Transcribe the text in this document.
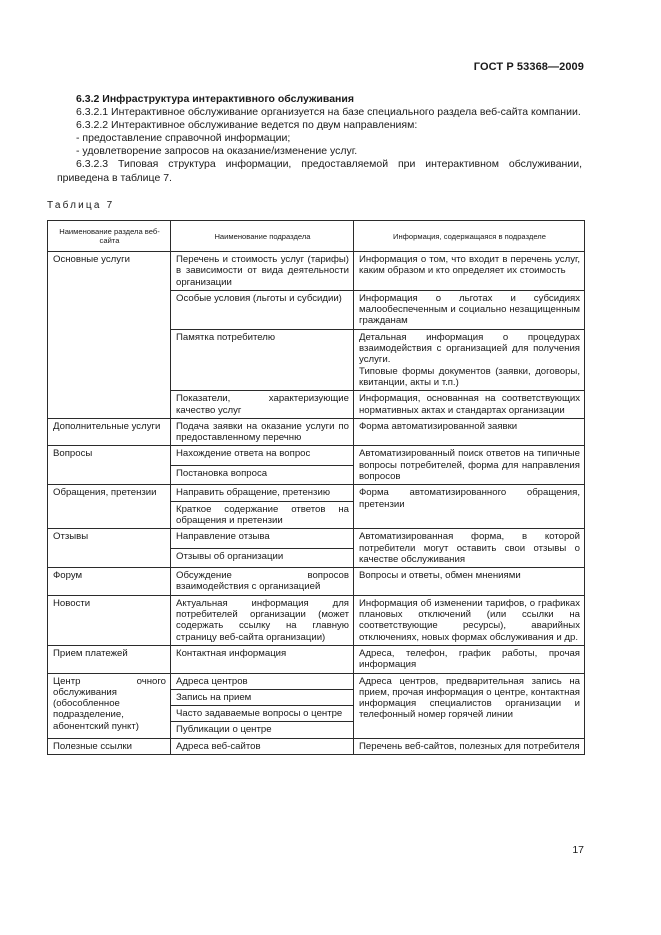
ГОСТ Р 53368—2009

6.3.2 Инфраструктура интерактивного обслуживания

6.3.2.1 Интерактивное обслуживание организуется на базе специального раздела веб-сайта компании.

6.3.2.2 Интерактивное обслуживание ведется по двум направлениям:

- предоставление справочной информации;

- удовлетворение запросов на оказание/изменение услуг.

6.3.2.3 Типовая структура информации, предоставляемой при интерактивном обслуживании, приведена в таблице 7.

Таблица 7
Наименование раздела веб-сайта	Наименование подраздела	Информация, содержащаяся в подразделе
Основные услуги	Перечень и стоимость услуг (тарифы) в зависимости от вида деятельности организации	Информация о том, что входит в перечень услуг, каким образом и кто определяет их стоимость
	Особые условия (льготы и субсидии)	Информация о льготах и субсидиях малообеспеченным и социально незащищенным гражданам
	Памятка потребителю	Детальная информация о процедурах взаимодействия с организацией для получения услуги.
Типовые формы документов (заявки, договоры, квитанции, акты и т.п.)
	Показатели, характеризующие качество услуг	Информация, основанная на соответствующих нормативных актах и стандартах организации
Дополнительные услуги	Подача заявки на оказание услуги по предоставленному перечню	Форма автоматизированной заявки
Вопросы	Нахождение ответа на вопрос	Автоматизированный поиск ответов на типичные вопросы потребителей, форма для направления вопросов
	Постановка вопроса	
Обращения, претензии	Направить обращение, претензию	Форма автоматизированного обращения, претензии
	Краткое содержание ответов на обращения и претензии	
Отзывы	Направление отзыва	Автоматизированная форма, в которой потребители могут оставить свои отзывы о качестве обслуживания
	Отзывы об организации	
Форум	Обсуждение вопросов взаимодействия с организацией	Вопросы и ответы, обмен мнениями
Новости	Актуальная информация для потребителей организации (может содержать ссылку на главную страницу веб-сайта организации)	Информация об изменении тарифов, о графиках плановых отключений (или ссылки на соответствующие ресурсы), аварийных отключениях, новых формах обслуживания и др.
Прием платежей	Контактная информация	Адреса, телефон, график работы, прочая информация
Центр очного обслуживания (обособленное подразделение, абонентский пункт)	Адреса центров	Адреса центров, предварительная запись на прием, прочая информация о центре, контактная информация специалистов организации и телефонный номер горячей линии
	Запись на прием	
	Часто задаваемые вопросы о центре	
	Публикации о центре	
Полезные ссылки	Адреса веб-сайтов	Перечень веб-сайтов, полезных для потребителя
17
